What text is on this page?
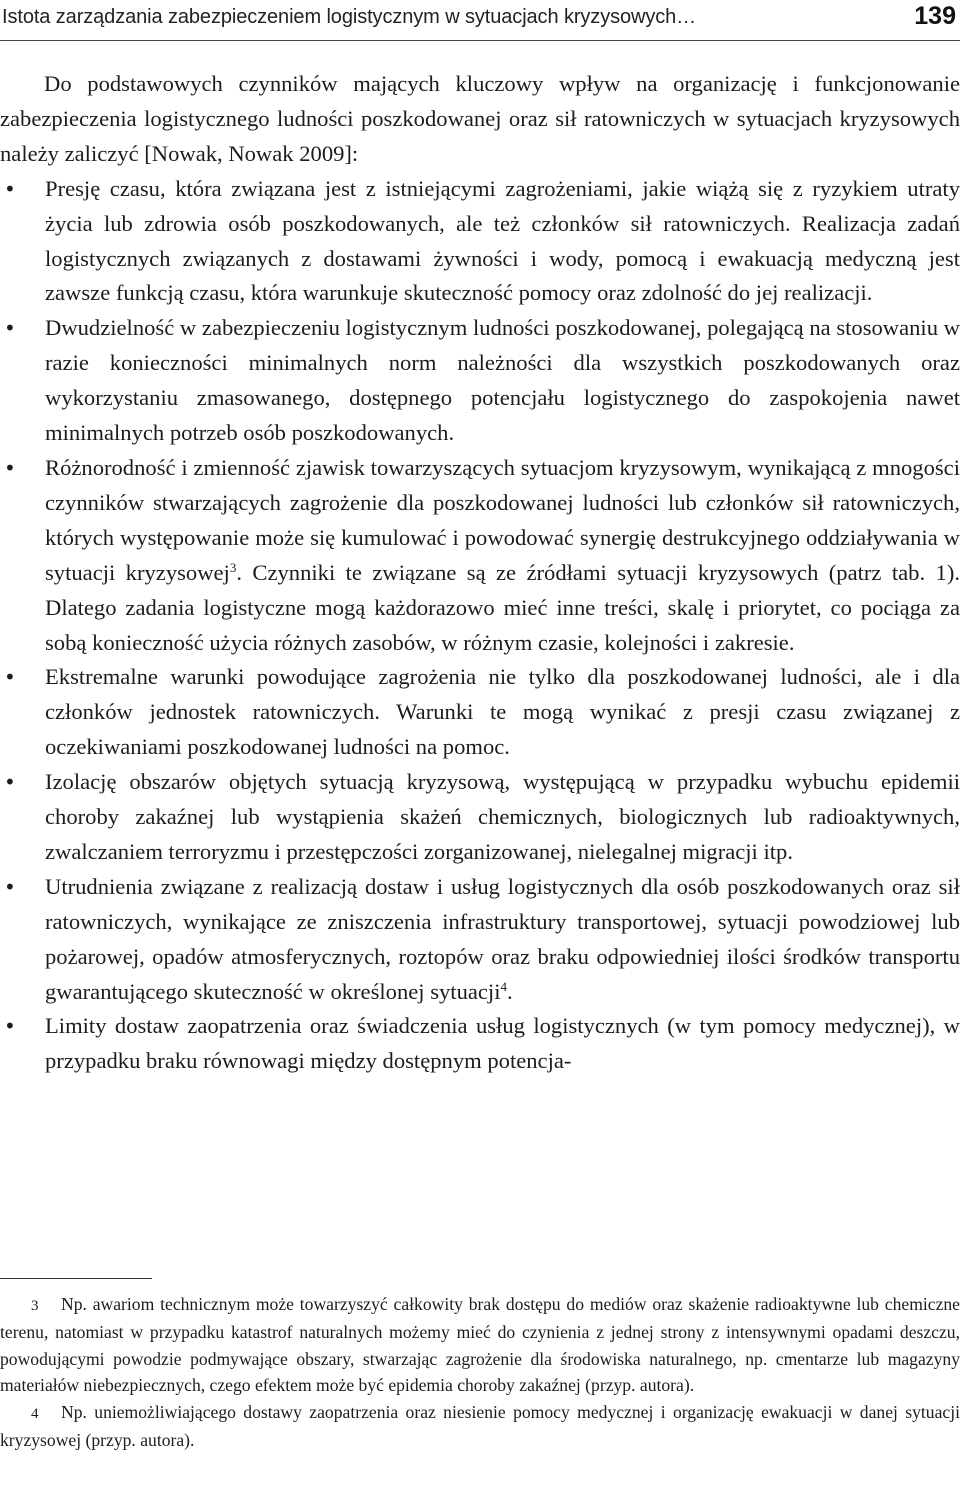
Istota zarządzania zabezpieczeniem logistycznym w sytuacjach kryzysowych…	139

Do podstawowych czynników mających kluczowy wpływ na organizację i funkcjonowanie zabezpieczenia logistycznego ludności poszkodowanej oraz sił ratowniczych w sytuacjach kryzysowych należy zaliczyć [Nowak, Nowak 2009]:

• Presję czasu, która związana jest z istniejącymi zagrożeniami, jakie wiążą się z ryzykiem utraty życia lub zdrowia osób poszkodowanych, ale też członków sił ratowniczych. Realizacja zadań logistycznych związanych z dostawami żywności i wody, pomocą i ewakuacją medyczną jest zawsze funkcją czasu, która warunkuje skuteczność pomocy oraz zdolność do jej realizacji.
• Dwudzielność w zabezpieczeniu logistycznym ludności poszkodowanej, polegającą na stosowaniu w razie konieczności minimalnych norm należności dla wszystkich poszkodowanych oraz wykorzystaniu zmasowanego, dostępnego potencjału logistycznego do zaspokojenia nawet minimalnych potrzeb osób poszkodowanych.
• Różnorodność i zmienność zjawisk towarzyszących sytuacjom kryzysowym, wynikającą z mnogości czynników stwarzających zagrożenie dla poszkodowanej ludności lub członków sił ratowniczych, których występowanie może się kumulować i powodować synergię destrukcyjnego oddziaływania w sytuacji kryzysowej$^3$. Czynniki te związane są ze źródłami sytuacji kryzysowych (patrz tab. 1). Dlatego zadania logistyczne mogą każdorazowo mieć inne treści, skalę i priorytet, co pociąga za sobą konieczność użycia różnych zasobów, w różnym czasie, kolejności i zakresie.
• Ekstremalne warunki powodujące zagrożenia nie tylko dla poszkodowanej ludności, ale i dla członków jednostek ratowniczych. Warunki te mogą wynikać z presji czasu związanej z oczekiwaniami poszkodowanej ludności na pomoc.
• Izolację obszarów objętych sytuacją kryzysową, występującą w przypadku wybuchu epidemii choroby zakaźnej lub wystąpienia skażeń chemicznych, biologicznych lub radioaktywnych, zwalczaniem terroryzmu i przestępczości zorganizowanej, nielegalnej migracji itp.
• Utrudnienia związane z realizacją dostaw i usług logistycznych dla osób poszkodowanych oraz sił ratowniczych, wynikające ze zniszczenia infrastruktury transportowej, sytuacji powodziowej lub pożarowej, opadów atmosferycznych, roztopów oraz braku odpowiedniej ilości środków transportu gwarantującego skuteczność w określonej sytuacji$^4$.
• Limity dostaw zaopatrzenia oraz świadczenia usług logistycznych (w tym pomocy medycznej), w przypadku braku równowagi między dostępnym potencja-

3 Np. awariom technicznym może towarzyszyć całkowity brak dostępu do mediów oraz skażenie radioaktywne lub chemiczne terenu, natomiast w przypadku katastrof naturalnych możemy mieć do czynienia z jednej strony z intensywnymi opadami deszczu, powodującymi powodzie podmywające obszary, stwarzając zagrożenie dla środowiska naturalnego, np. cmentarze lub magazyny materiałów niebezpiecznych, czego efektem może być epidemia choroby zakaźnej (przyp. autora).

4 Np. uniemożliwiającego dostawy zaopatrzenia oraz niesienie pomocy medycznej i organizację ewakuacji w danej sytuacji kryzysowej (przyp. autora).
